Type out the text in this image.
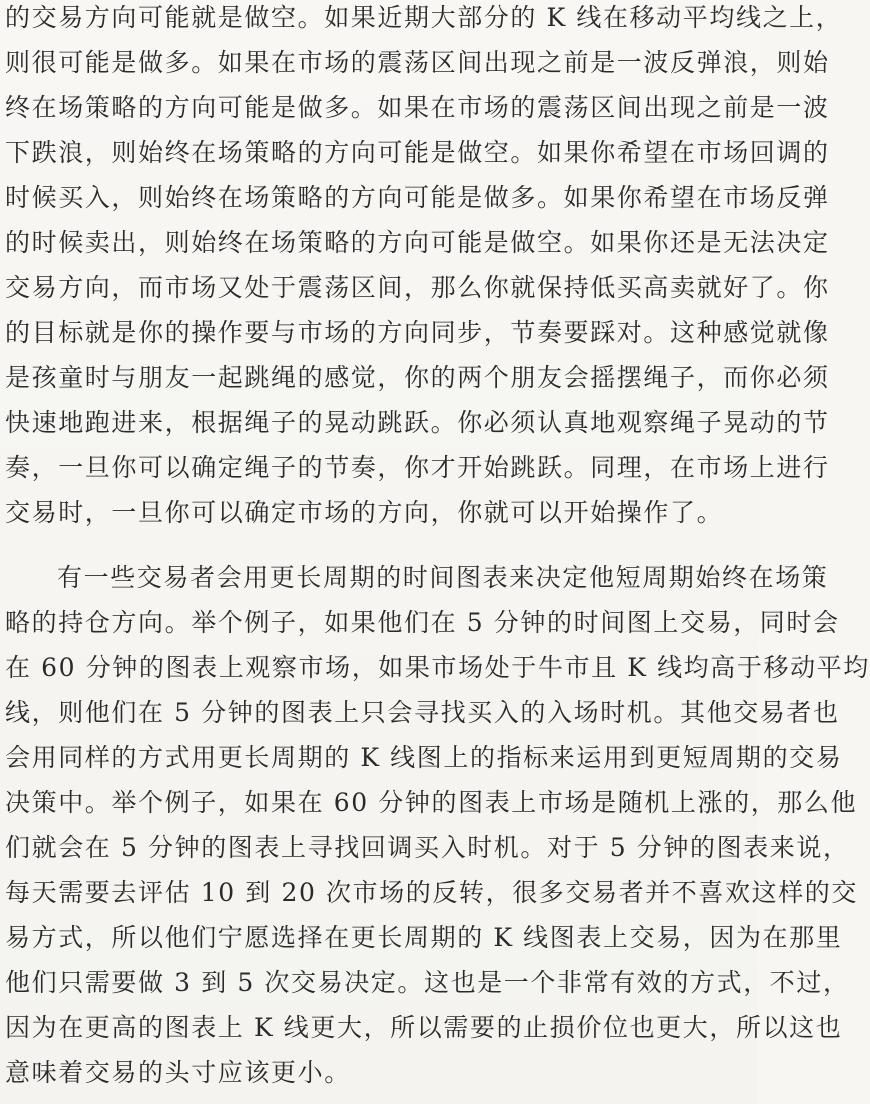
的交易方向可能就是做空。如果近期大部分的 K 线在移动平均线之上，
则很可能是做多。如果在市场的震荡区间出现之前是一波反弹浪，则始
终在场策略的方向可能是做多。如果在市场的震荡区间出现之前是一波
下跌浪，则始终在场策略的方向可能是做空。如果你希望在市场回调的
时候买入，则始终在场策略的方向可能是做多。如果你希望在市场反弹
的时候卖出，则始终在场策略的方向可能是做空。如果你还是无法决定
交易方向，而市场又处于震荡区间，那么你就保持低买高卖就好了。你
的目标就是你的操作要与市场的方向同步，节奏要踩对。这种感觉就像
是孩童时与朋友一起跳绳的感觉，你的两个朋友会摇摆绳子，而你必须
快速地跑进来，根据绳子的晃动跳跃。你必须认真地观察绳子晃动的节
奏，一旦你可以确定绳子的节奏，你才开始跳跃。同理，在市场上进行
交易时，一旦你可以确定市场的方向，你就可以开始操作了。
有一些交易者会用更长周期的时间图表来决定他短周期始终在场策
略的持仓方向。举个例子，如果他们在 5 分钟的时间图上交易，同时会
在 60 分钟的图表上观察市场，如果市场处于牛市且 K 线均高于移动平均
线，则他们在 5 分钟的图表上只会寻找买入的入场时机。其他交易者也
会用同样的方式用更长周期的 K 线图上的指标来运用到更短周期的交易
决策中。举个例子，如果在 60 分钟的图表上市场是随机上涨的，那么他
们就会在 5 分钟的图表上寻找回调买入时机。对于 5 分钟的图表来说，
每天需要去评估 10 到 20 次市场的反转，很多交易者并不喜欢这样的交
易方式，所以他们宁愿选择在更长周期的 K 线图表上交易，因为在那里
他们只需要做 3 到 5 次交易决定。这也是一个非常有效的方式，不过，
因为在更高的图表上 K 线更大，所以需要的止损价位也更大，所以这也
意味着交易的头寸应该更小。
